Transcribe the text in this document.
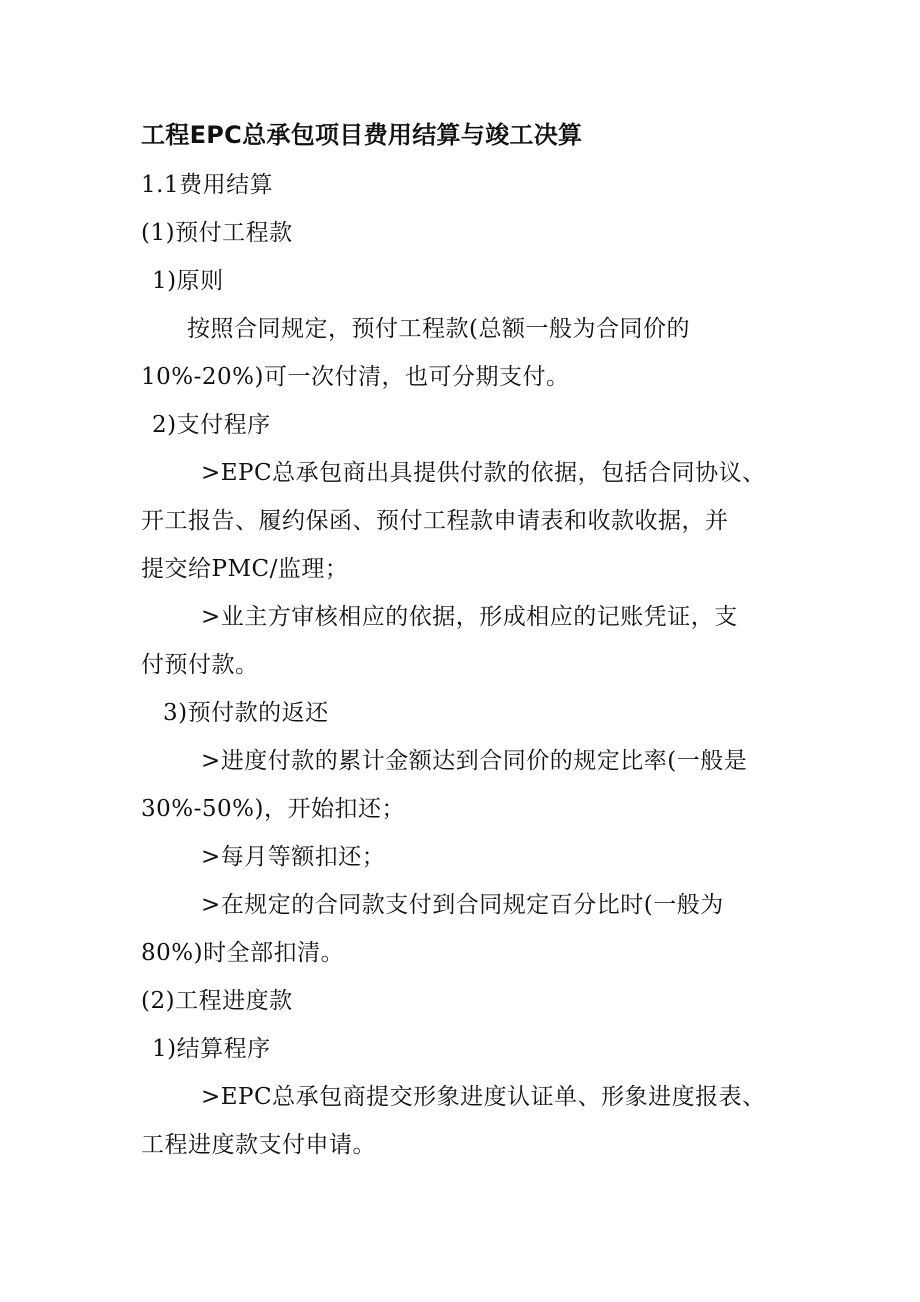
工程EPC总承包项目费用结算与竣工决算
1.1费用结算
(1)预付工程款
1)原则
按照合同规定，预付工程款(总额一般为合同价的
10%-20%)可一次付清，也可分期支付。
2)支付程序
>EPC总承包商出具提供付款的依据，包括合同协议、
开工报告、履约保函、预付工程款申请表和收款收据，并
提交给PMC/监理；
>业主方审核相应的依据，形成相应的记账凭证，支
付预付款。
3)预付款的返还
>进度付款的累计金额达到合同价的规定比率(一般是
30%-50%)，开始扣还；
>每月等额扣还；
>在规定的合同款支付到合同规定百分比时(一般为
80%)时全部扣清。
(2)工程进度款
1)结算程序
>EPC总承包商提交形象进度认证单、形象进度报表、
工程进度款支付申请。
